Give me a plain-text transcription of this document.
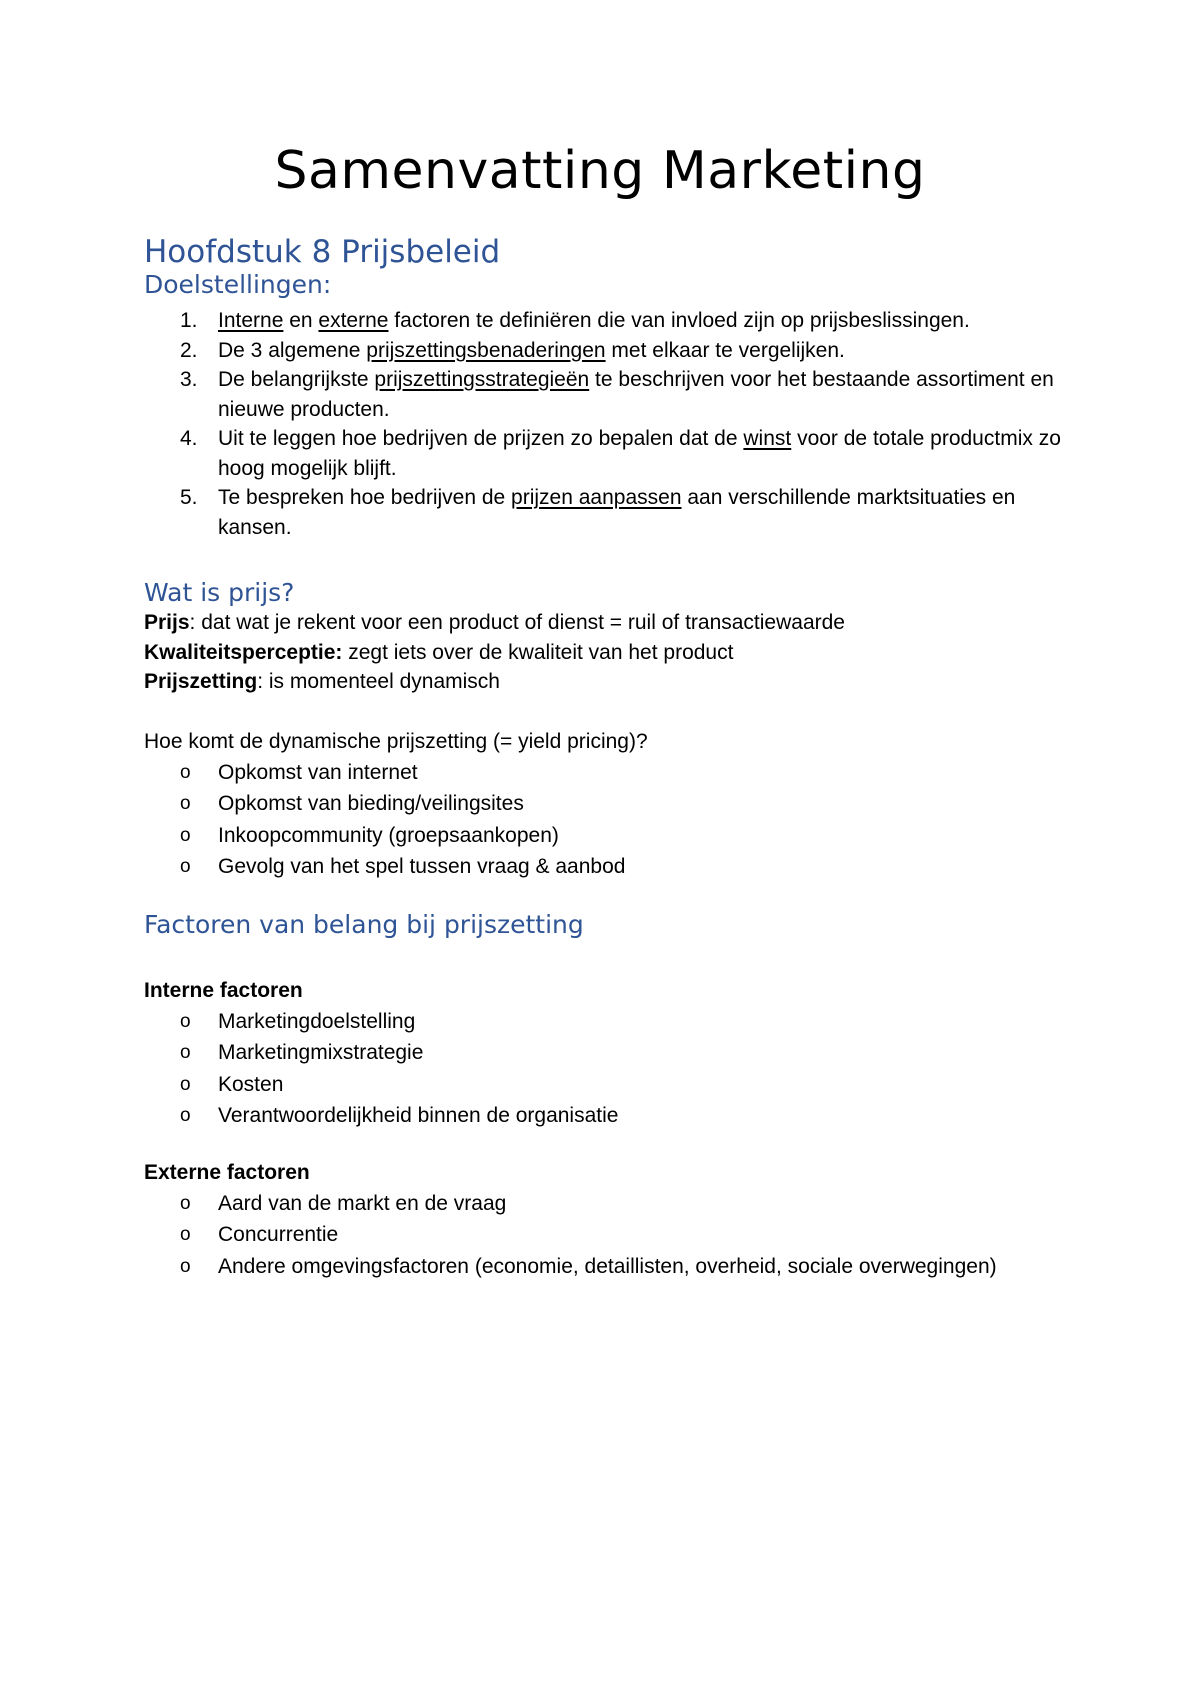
Samenvatting Marketing
Hoofdstuk 8 Prijsbeleid
Doelstellingen:
1. Interne en externe factoren te definiëren die van invloed zijn op prijsbeslissingen.
2. De 3 algemene prijszettingsbenaderingen met elkaar te vergelijken.
3. De belangrijkste prijszettingsstrategieën te beschrijven voor het bestaande assortiment en nieuwe producten.
4. Uit te leggen hoe bedrijven de prijzen zo bepalen dat de winst voor de totale productmix zo hoog mogelijk blijft.
5. Te bespreken hoe bedrijven de prijzen aanpassen aan verschillende marktsituaties en kansen.
Wat is prijs?

Prijs: dat wat je rekent voor een product of dienst = ruil of transactiewaarde

Kwaliteitsperceptie: zegt iets over de kwaliteit van het product

Prijszetting: is momenteel dynamisch

Hoe komt de dynamische prijszetting (= yield pricing)?

o Opkomst van internet
o Opkomst van bieding/veilingsites
o Inkoopcommunity (groepsaankopen)
o Gevolg van het spel tussen vraag & aanbod
Factoren van belang bij prijszetting

Interne factoren

o Marketingdoelstelling
o Marketingmixstrategie
o Kosten
o Verantwoordelijkheid binnen de organisatie

Externe factoren

o Aard van de markt en de vraag
o Concurrentie
o Andere omgevingsfactoren (economie, detaillisten, overheid, sociale overwegingen)
